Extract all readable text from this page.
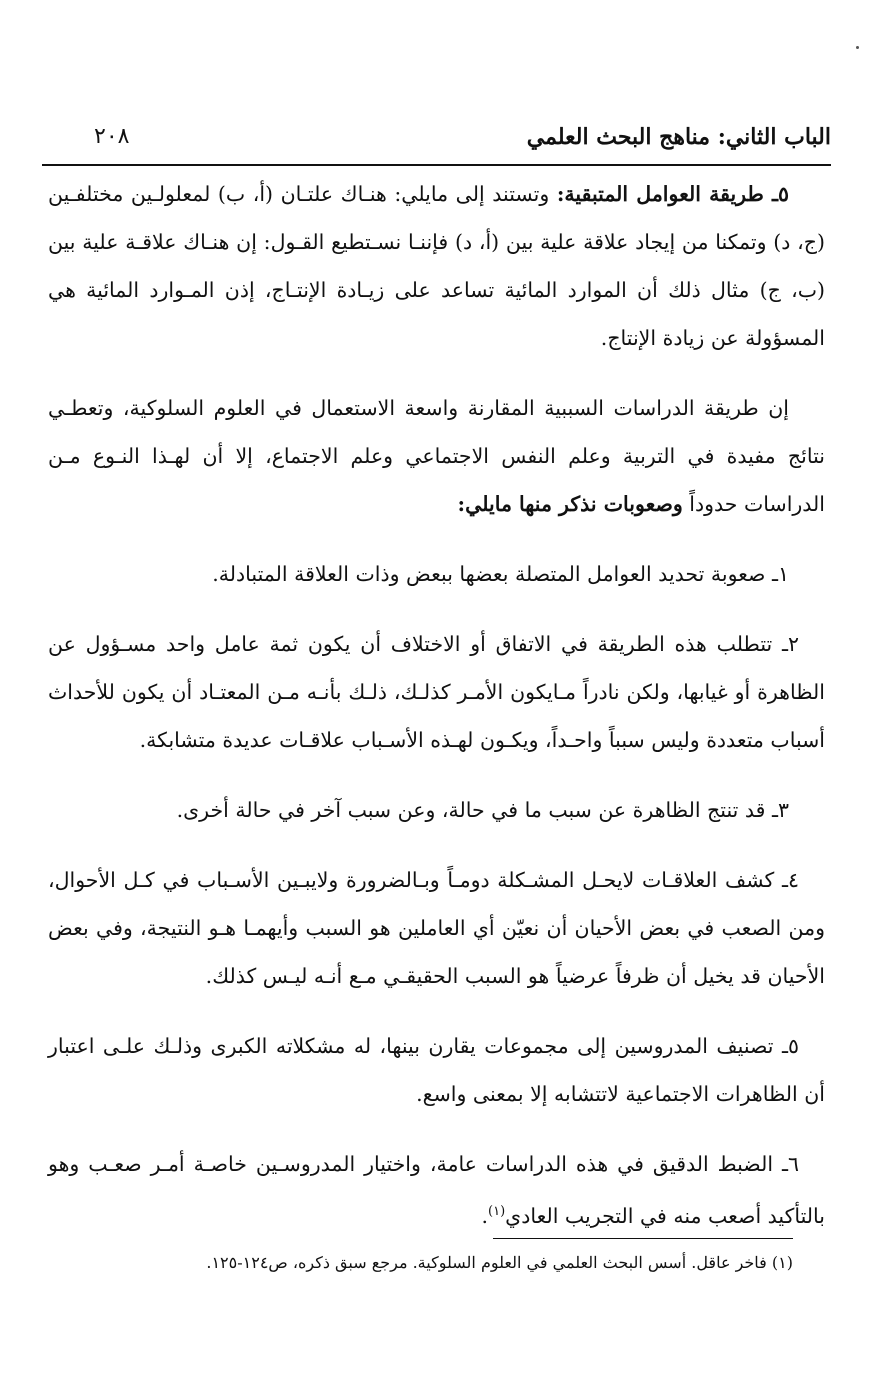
الباب الثاني: مناهج البحث العلمي
٢٠٨

٥ـ طريقة العوامل المتبقية: وتستند إلى مايلي: هنـاك علتـان (أ، ب) لمعلولـين مختلفـين (ج، د) وتمكنا من إيجاد علاقة علية بين (أ، د) فإننـا نسـتطيع القـول: إن هنـاك علاقـة علية بين (ب، ج) مثال ذلك أن الموارد المائية تساعد على زيـادة الإنتـاج، إذن المـوارد المائية هي المسؤولة عن زيادة الإنتاج.

إن طريقة الدراسات السببية المقارنة واسعة الاستعمال في العلوم السلوكية، وتعطـي نتائج مفيدة في التربية وعلم النفس الاجتماعي وعلم الاجتماع، إلا أن لهـذا النـوع مـن الدراسات حدوداً وصعوبات نذكر منها مايلي:

١ـ صعوبة تحديد العوامل المتصلة بعضها ببعض وذات العلاقة المتبادلة.

٢ـ تتطلب هذه الطريقة في الاتفاق أو الاختلاف أن يكون ثمة عامل واحد مسـؤول عن الظاهرة أو غيابها، ولكن نادراً مـايكون الأمـر كذلـك، ذلـك بأنـه مـن المعتـاد أن يكون للأحداث أسباب متعددة وليس سبباً واحـداً، ويكـون لهـذه الأسـباب علاقـات عديدة متشابكة.

٣ـ قد تنتج الظاهرة عن سبب ما في حالة، وعن سبب آخر في حالة أخرى.

٤ـ كشف العلاقـات لايحـل المشـكلة دومـاً وبـالضرورة ولايبـين الأسـباب في كـل الأحوال، ومن الصعب في بعض الأحيان أن نعيّن أي العاملين هو السبب وأيهمـا هـو النتيجة، وفي بعض الأحيان قد يخيل أن ظرفاً عرضياً هو السبب الحقيقـي مـع أنـه ليـس كذلك.

٥ـ تصنيف المدروسين إلى مجموعات يقارن بينها، له مشكلاته الكبرى وذلـك علـى اعتبار أن الظاهرات الاجتماعية لاتتشابه إلا بمعنى واسع.

٦ـ الضبط الدقيق في هذه الدراسات عامة، واختيار المدروسـين خاصـة أمـر صعـب وهو بالتأكيد أصعب منه في التجريب العادي$^{(١)}$.

(١) فاخر عاقل. أسس البحث العلمي في العلوم السلوكية. مرجع سبق ذكره، ص١٢٤-١٢٥.
